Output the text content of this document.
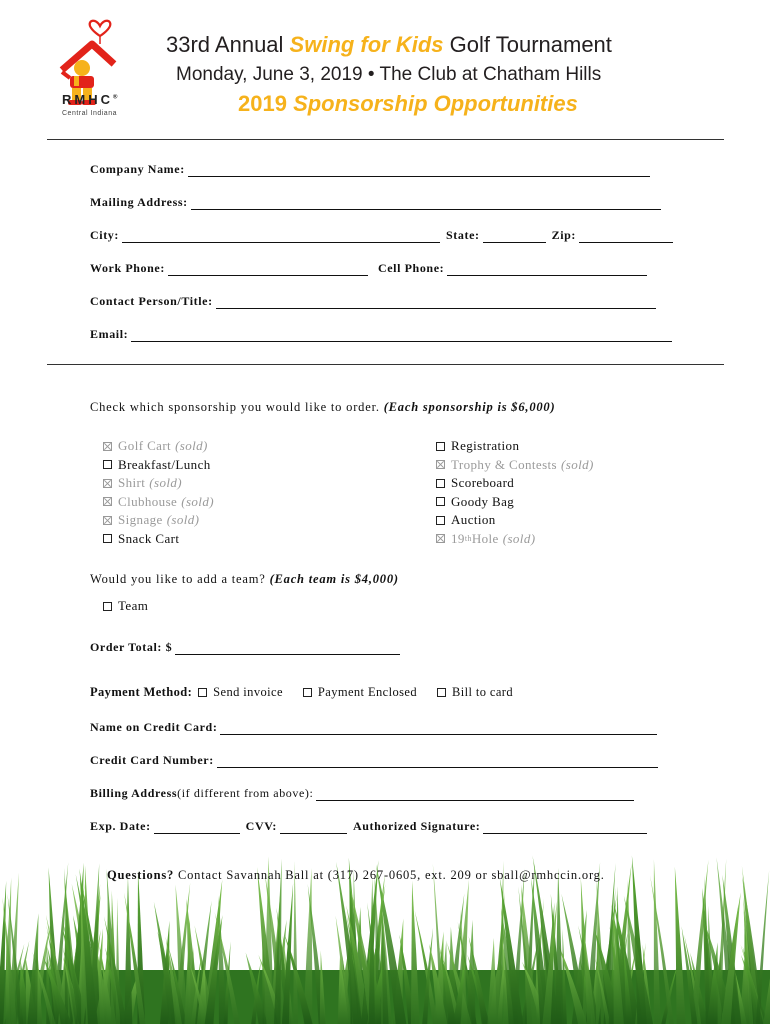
RMHC®
Central Indiana
33rd Annual Swing for Kids Golf Tournament
Monday, June 3, 2019 • The Club at Chatham Hills
2019 Sponsorship Opportunities
Company Name:
Mailing Address:
City:	State:	Zip:
Work Phone:	Cell Phone:
Contact Person/Title:
Email:
Check which sponsorship you would like to order. (Each sponsorship is $6,000)
Golf Cart (sold)
Breakfast/Lunch
Shirt (sold)
Clubhouse (sold)
Signage (sold)
Snack Cart
Registration
Trophy & Contests (sold)
Scoreboard
Goody Bag
Auction
19 th Hole (sold)
Would you like to add a team? (Each team is $4,000)
Team
Order Total: $
Payment Method: Send invoice	Payment Enclosed	Bill to card
Name on Credit Card:
Credit Card Number:
Billing Address (if different from above):
Exp. Date:	CVV:	Authorized Signature:
Questions? Contact Savannah Ball at (317) 267-0605, ext. 209 or sball@rmhccin.org.
